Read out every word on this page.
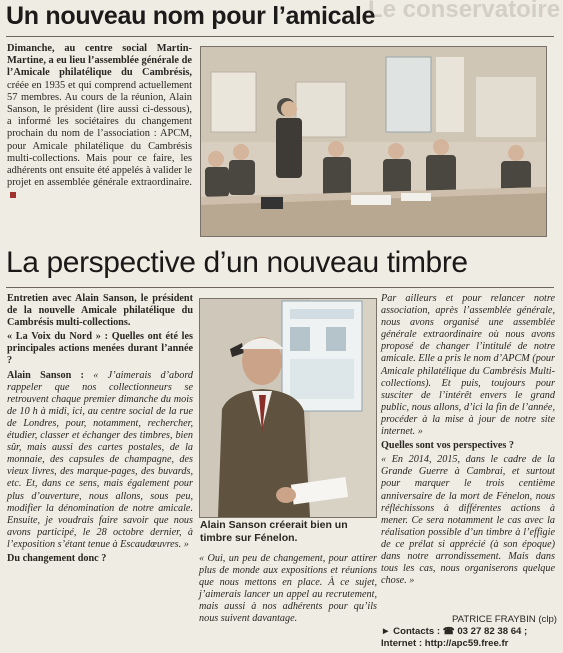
Le conservatoire
Un nouveau nom pour l’amicale
Dimanche, au centre social Martin-Martine, a eu lieu l’assemblée générale de l’Amicale philatélique du Cambrésis, créée en 1935 et qui comprend actuellement 57 membres. Au cours de la réunion, Alain Sanson, le président (lire aussi ci-dessous), a informé les sociétaires du changement prochain du nom de l’association : APCM, pour Amicale philatélique du Cambrésis multi-collections. Mais pour ce faire, les adhérents ont ensuite été appelés à valider le projet en assemblée générale extraordinaire.
La perspective d’un nouveau timbre

Entretien avec Alain Sanson, le président de la nouvelle Amicale philatélique du Cambrésis multi-collections.

« La Voix du Nord » : Quelles ont été les principales actions menées durant l’année ?

Alain Sanson : « J’aimerais d’abord rappeler que nos collectionneurs se retrouvent chaque premier dimanche du mois de 10 h à midi, ici, au centre social de la rue de Londres, pour, notamment, rechercher, étudier, classer et échanger des timbres, bien sûr, mais aussi des cartes postales, de la monnaie, des capsules de champagne, des vieux livres, des marque-pages, des buvards, etc. Et, dans ce sens, mais également pour plus d’ouverture, nous allons, sous peu, modifier la dénomination de notre amicale. Ensuite, je voudrais faire savoir que nous avons participé, le 28 octobre dernier, à l’exposition s’étant tenue à Escaudœuvres. »

Du changement donc ?

Alain Sanson créerait bien un timbre sur Fénelon.
« Oui, un peu de changement, pour attirer plus de monde aux expositions et réunions que nous mettons en place. À ce sujet, j’aimerais lancer un appel au recrutement, mais aussi à nos adhérents pour qu’ils nous suivent davantage.

Par ailleurs et pour relancer notre association, après l’assemblée générale, nous avons organisé une assemblée générale extraordinaire où nous avons proposé de changer l’intitulé de notre amicale. Elle a pris le nom d’APCM (pour Amicale philatélique du Cambrésis Multi-collections). Et puis, toujours pour susciter de l’intérêt envers le grand public, nous allons, d’ici la fin de l’année, procéder à la mise à jour de notre site internet. »

Quelles sont vos perspectives ?

« En 2014, 2015, dans le cadre de la Grande Guerre à Cambrai, et surtout pour marquer le trois centième anniversaire de la mort de Fénelon, nous réfléchissons à différentes actions à mener. Ce sera notamment le cas avec la réalisation possible d’un timbre à l’effigie de ce prélat si apprécié (à son époque) dans notre arrondissement. Mais dans tous les cas, nous organiserons quelque chose. »

PATRICE FRAYBIN (clp)
► Contacts : ☎ 03 27 82 38 64 ; Internet : http://apc59.free.fr
